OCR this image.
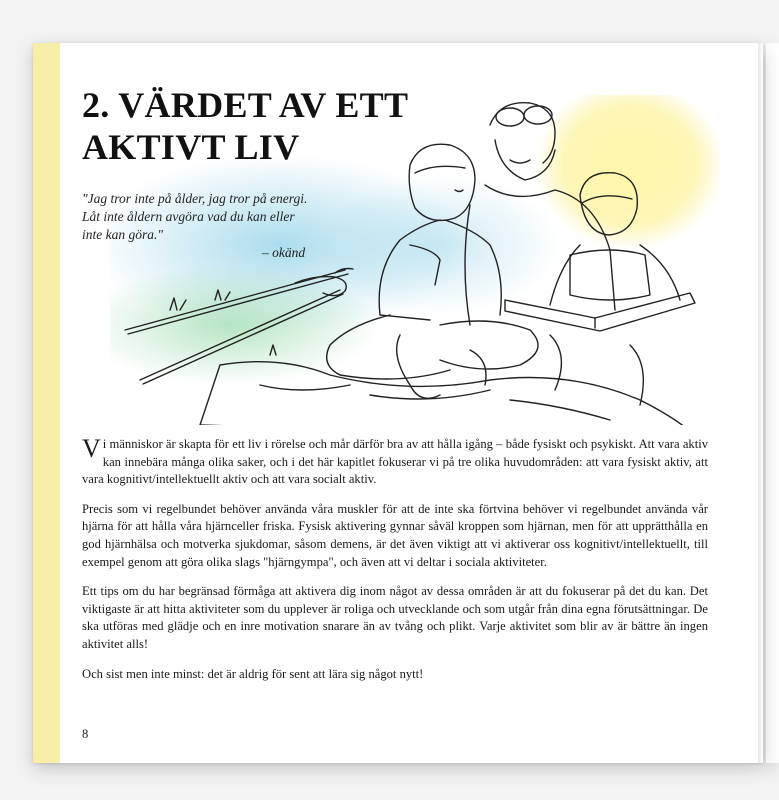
2. VÄRDET AV ETT
AKTIVT LIV
"Jag tror inte på ålder, jag tror på energi.
Låt inte åldern avgöra vad du kan eller
inte kan göra."
– okänd

Vi människor är skapta för ett liv i rörelse och mår därför bra av att hålla igång – både fysiskt och psykiskt. Att vara aktiv kan innebära många olika saker, och i det här kapitlet fokuserar vi på tre olika huvudområden: att vara fysiskt aktiv, att vara kognitivt/intellektuellt aktiv och att vara socialt aktiv.

Precis som vi regelbundet behöver använda våra muskler för att de inte ska förtvina behöver vi regelbundet använda vår hjärna för att hålla våra hjärnceller friska. Fysisk aktivering gynnar såväl kroppen som hjärnan, men för att upprätthålla en god hjärnhälsa och motverka sjukdomar, såsom demens, är det även viktigt att vi aktiverar oss kognitivt/intellektuellt, till exempel genom att göra olika slags "hjärngympa", och även att vi deltar i sociala aktiviteter.

Ett tips om du har begränsad förmåga att aktivera dig inom något av dessa områden är att du fokuserar på det du kan. Det viktigaste är att hitta aktiviteter som du upplever är roliga och utvecklande och som utgår från dina egna förutsättningar. De ska utföras med glädje och en inre motivation snarare än av tvång och plikt. Varje aktivitet som blir av är bättre än ingen aktivitet alls!

Och sist men inte minst: det är aldrig för sent att lära sig något nytt!

8
